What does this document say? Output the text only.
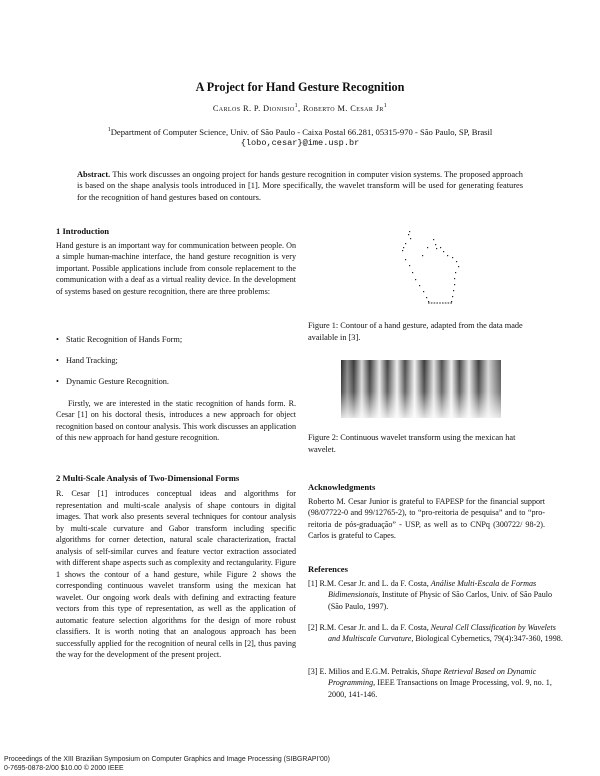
A Project for Hand Gesture Recognition
Carlos R. P. Dionisio$^1$, Roberto M. Cesar Jr$^1$
$^1$Department of Computer Science, Univ. of São Paulo - Caixa Postal 66.281, 05315-970 - São Paulo, SP, Brasil
{lobo,cesar}@ime.usp.br
Abstract. This work discusses an ongoing project for hands gesture recognition in computer vision systems. The proposed approach is based on the shape analysis tools introduced in [1]. More specifically, the wavelet transform will be used for generating features for the recognition of hand gestures based on contours.
1 Introduction
Hand gesture is an important way for communication between people. On a simple human-machine interface, the hand gesture recognition is very important. Possible applications include from console replacement to the communication with a deaf as a virtual reality device. In the development of systems based on gesture recognition, there are three problems:
• Static Recognition of Hands Form;
• Hand Tracking;
• Dynamic Gesture Recognition.
Firstly, we are interested in the static recognition of hands form. R. Cesar [1] on his doctoral thesis, introduces a new approach for object recognition based on contour analysis. This work discusses an application of this new approach for hand gesture recognition.
2 Multi-Scale Analysis of Two-Dimensional Forms
R. Cesar [1] introduces conceptual ideas and algorithms for representation and multi-scale analysis of shape contours in digital images. That work also presents several techniques for contour analysis by multi-scale curvature and Gabor transform including specific algorithms for corner detection, natural scale characterization, fractal analysis of self-similar curves and feature vector extraction associated with different shape aspects such as complexity and rectangularity. Figure 1 shows the contour of a hand gesture, while Figure 2 shows the corresponding continuous wavelet transform using the mexican hat wavelet. Our ongoing work deals with defining and extracting feature vectors from this type of representation, as well as the application of automatic feature selection algorithms for the design of more robust classifiers. It is worth noting that an analogous approach has been successfully applied for the recognition of neural cells in [2], thus paving the way for the development of the present project.
Figure 1: Contour of a hand gesture, adapted from the data made available in [3].
Figure 2: Continuous wavelet transform using the mexican hat wavelet.
Acknowledgments
Roberto M. Cesar Junior is grateful to FAPESP for the financial support (98/07722-0 and 99/12765-2), to “pro-reitoria de pesquisa” and to “pro-reitoria de pós-graduação” - USP, as well as to CNPq (300722/ 98-2). Carlos is grateful to Capes.
References
[1] R.M. Cesar Jr. and L. da F. Costa, Análise Multi-Escala de Formas Bidimensionais, Institute of Physic of São Carlos, Univ. of São Paulo (São Paulo, 1997).
[2] R.M. Cesar Jr. and L. da F. Costa, Neural Cell Classification by Wavelets and Multiscale Curvature, Biological Cybernetics, 79(4):347-360, 1998.
[3] E. Milios and E.G.M. Petrakis, Shape Retrieval Based on Dynamic Programming, IEEE Transactions on Image Processing, vol. 9, no. 1, 2000, 141-146.
Proceedings of the XIII Brazilian Symposium on Computer Graphics and Image Processing (SIBGRAPI’00)
0-7695-0878-2/00 $10.00 © 2000 IEEE
